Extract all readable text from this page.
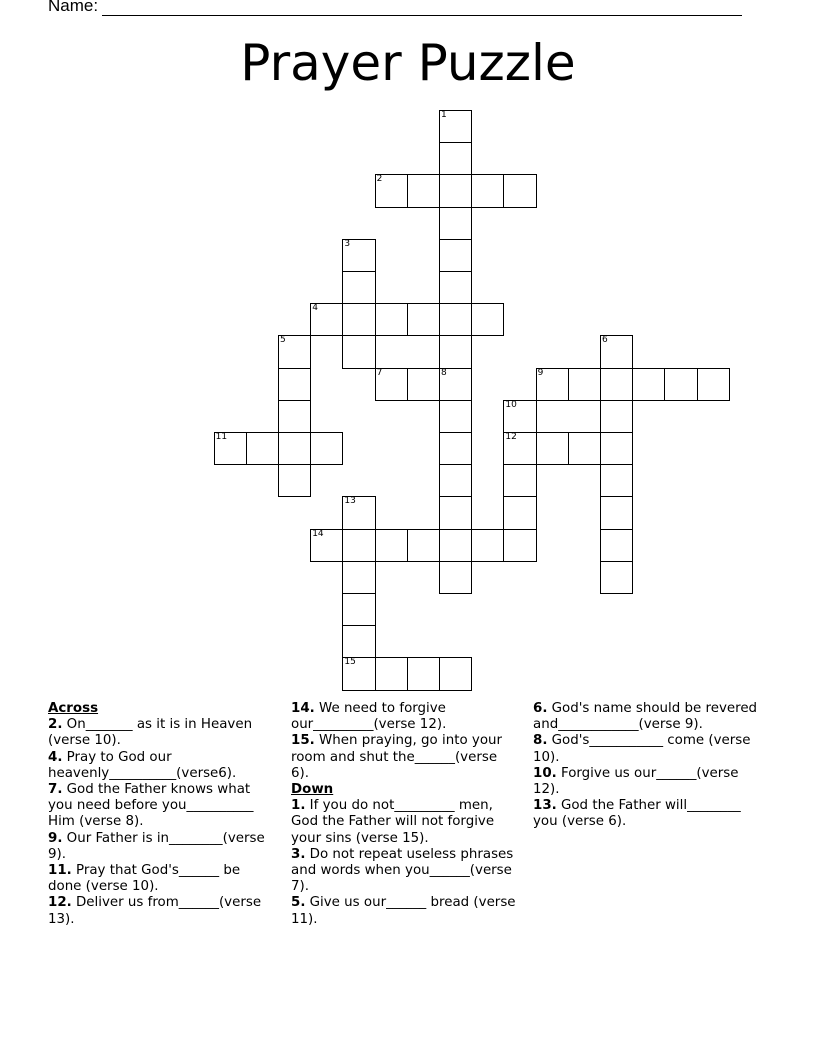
Name:
Prayer Puzzle
1
2
3
4
5	6
7	8	9
10
12
11
13
15
14
Across
2. On_______ as it is in Heaven (verse 10).
4. Pray to God our heavenly__________(verse6).
7. God the Father knows what you need before you__________ Him (verse 8).
9. Our Father is in________(verse 9).
11. Pray that God's______ be done (verse 10).
12. Deliver us from______(verse 13).
14. We need to forgive our_________(verse 12).
15. When praying, go into your room and shut the______(verse 6).
Down
1. If you do not_________ men, God the Father will not forgive your sins (verse 15).
3. Do not repeat useless phrases and words when you______(verse 7).
5. Give us our______ bread (verse 11).
6. God's name should be revered and____________(verse 9).
8. God's___________ come (verse 10).
10. Forgive us our______(verse 12).
13. God the Father will________ you (verse 6).
